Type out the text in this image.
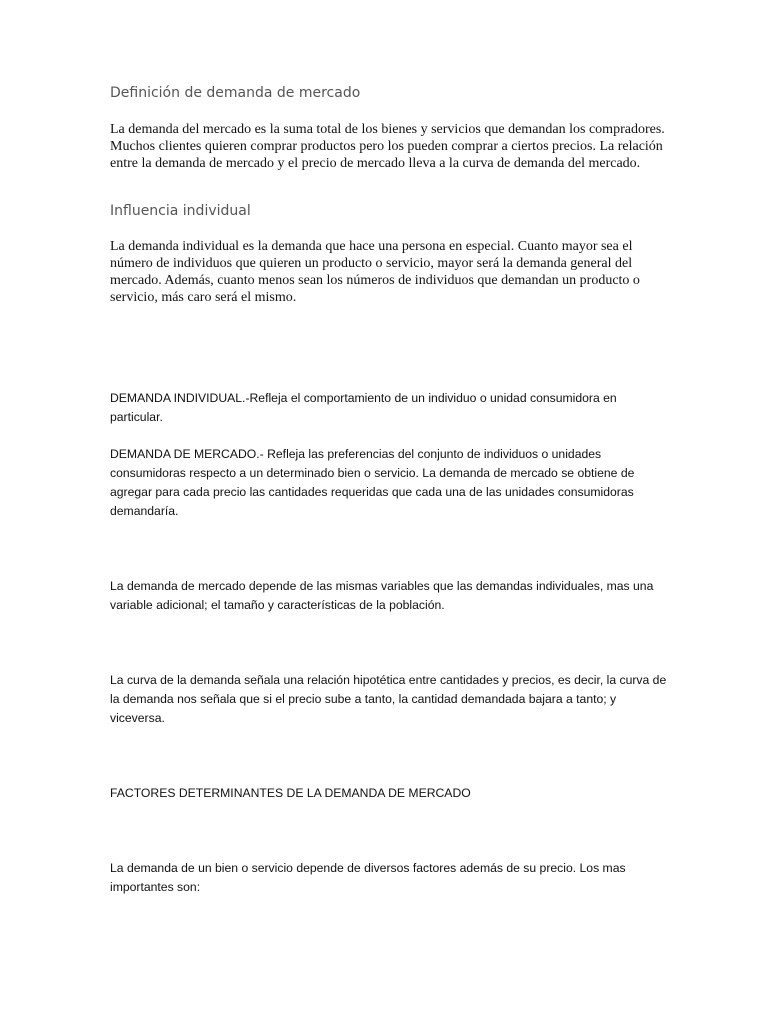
Definición de demanda de mercado

La demanda del mercado es la suma total de los bienes y servicios que demandan los compradores. Muchos clientes quieren comprar productos pero los pueden comprar a ciertos precios. La relación entre la demanda de mercado y el precio de mercado lleva a la curva de demanda del mercado.

Influencia individual

La demanda individual es la demanda que hace una persona en especial. Cuanto mayor sea el número de individuos que quieren un producto o servicio, mayor será la demanda general del mercado. Además, cuanto menos sean los números de individuos que demandan un producto o servicio, más caro será el mismo.

DEMANDA INDIVIDUAL.-Refleja el comportamiento de un individuo o unidad consumidora en particular.

DEMANDA DE MERCADO.- Refleja las preferencias del conjunto de individuos o unidades consumidoras respecto a un determinado bien o servicio. La demanda de mercado se obtiene de agregar para cada precio las cantidades requeridas que cada una de las unidades consumidoras demandaría.

La demanda de mercado depende de las mismas variables que las demandas individuales, mas una variable adicional; el tamaño y características de la población.

La curva de la demanda señala una relación hipotética entre cantidades y precios, es decir, la curva de la demanda nos señala que si el precio sube a tanto, la cantidad demandada bajara a tanto; y viceversa.

FACTORES DETERMINANTES DE LA DEMANDA DE MERCADO

La demanda de un bien o servicio depende de diversos factores además de su precio. Los mas importantes son:
